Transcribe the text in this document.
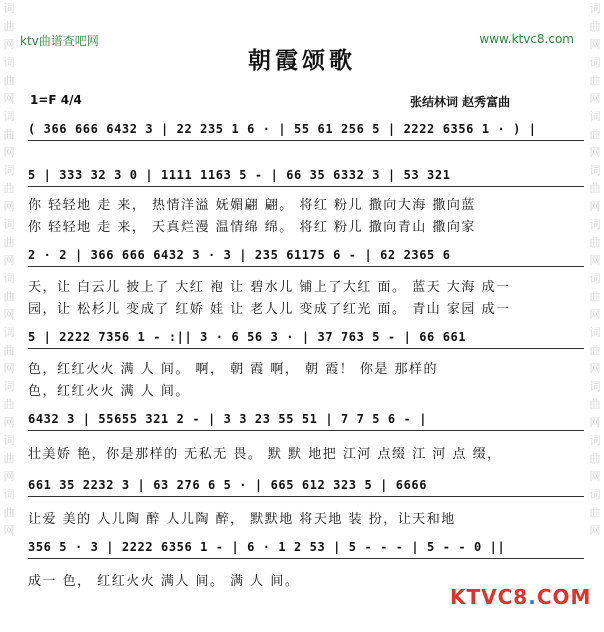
词 曲 网 词 曲 网 词 曲 网 词 曲 网 词 曲 网 词 曲 网 词 曲 网 词 曲 网 词 曲 网 词 曲 网
词 曲 网 词 曲 网 词 曲 网 词 曲 网 词 曲 网 词 曲 网 词 曲 网 词 曲 网 词 曲 网 词 曲 网
ktv曲谱查吧网	www.ktvc8.com
朝霞颂歌
1=F 4/4	张结林词 赵秀富曲
( 366 666 6432 3 | 22 235 1 6 · | 55 61 256 5 | 2222 6356 1 · ) |
5 | 333 32 3 0 | 1111 1163 5 - | 66 35 6332 3 | 53 321
你 轻轻地 走 来， 热情洋溢 妩媚翩 翩。 将红 粉儿 撒向大海 撒向蓝
你 轻轻地 走 来， 天真烂漫 温情绵 绵。 将红 粉儿 撒向青山 撒向家
2 · 2 | 366 666 6432 3 · 3 | 235 61175 6 - | 62 2365 6
天，让 白云儿 披上了 大红 袍 让 碧水儿 铺上了大红 面。 蓝天 大海 成一
园，让 松杉儿 变成了 红娇 娃 让 老人儿 变成了红光 面。 青山 家园 成一
5 | 2222 7356 1 - :|| 3 · 6 56 3 · | 37 763 5 - | 66 661
色，红红火火 满 人 间。 啊， 朝 霞 啊， 朝 霞！ 你是 那样的
色，红红火火 满 人 间。
6432 3 | 55655 321 2 - | 3 3 23 55 51 | 7 7 5 6 - |
壮美娇 艳，你是那样的 无私无 畏。 默 默 地把 江河 点缀 江 河 点 缀，
661 35 2232 3 | 63 276 6 5 · | 665 612 323 5 | 6666
让爱 美的 人儿陶 醉 人儿陶 醉， 默默地 将天地 装 扮，让天和地
356 5 · 3 | 2222 6356 1 - | 6 · 1 2 53 | 5 - - - | 5 - - 0 ||
成一 色， 红红火火 满人 间。 满 人 间。
KTVC8.COM
